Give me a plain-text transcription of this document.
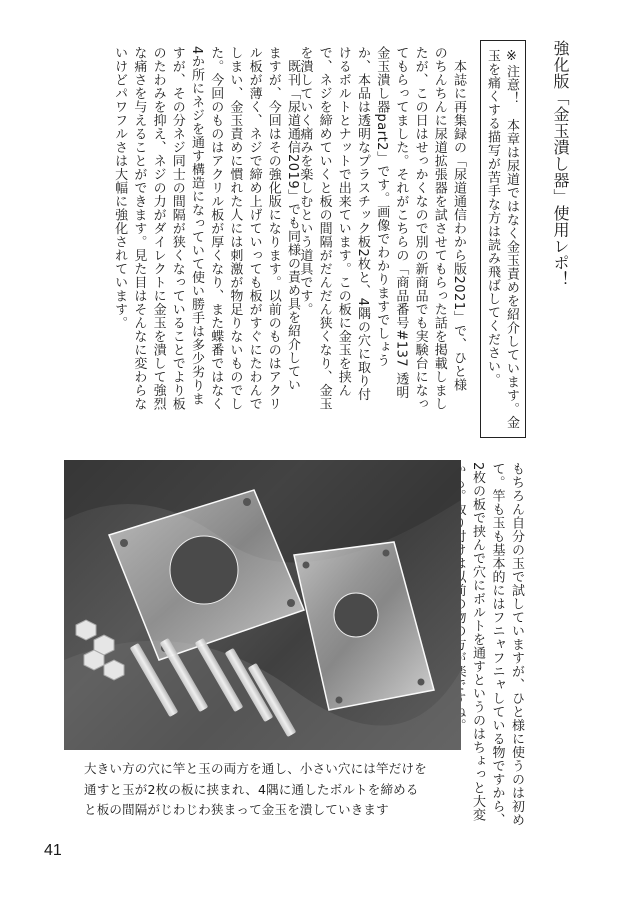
強化版「金玉潰し器」使用レポ！
※注意！　本章は尿道ではなく金玉責めを紹介しています。金
玉を痛くする描写が苦手な方は読み飛ばしてください。
　本誌に再集録の「尿道通信わから版2021」で、ひと様
のちんちんに尿道拡張器を試させてもらった話を掲載しまし
たが、この日はせっかくなので別の新商品でも実験台になっ
てもらってました。それがこちらの「商品番号#137 透明
金玉潰し器part2」です。画像でわかりますでしょう
か、本品は透明なプラスチック板2枚と、4隅の穴に取り付
けるボルトとナットで出来ています。この板に金玉を挟ん
で、ネジを締めていくと板の間隔がだんだん狭くなり、金玉
を潰していく痛みを楽しむという道具です。
　既刊「尿道通信2019」でも同様の責め具を紹介してい
ますが、今回はその強化版になります。以前のものはアクリ
ル板が薄く、ネジで締め上げていっても板がすぐにたわんで
しまい、金玉責めに慣れた人には刺激が物足りないものでし
た。今回のものはアクリル板が厚くなり、また蝶番ではなく
4か所にネジを通す構造になっていて使い勝手は多少劣りま
すが、その分ネジ同士の間隔が狭くなっていることでより板
のたわみを抑え、ネジの力がダイレクトに金玉を潰して強烈
な痛さを与えることができます。見た目はそんなに変わらな
いけどパワフルさは大幅に強化されています。
もちろん自分の玉で試していますが、ひと様に使うのは初め
て。竿も玉も基本的にはフニャフニャしている物ですから、
2枚の板で挟んで穴にボルトを通すというのはちょっと大変
大きい方の穴に竿と玉の両方を通し、小さい穴には竿だけを
通すと玉が2枚の板に挟まれ、4隅に通したボルトを締める
と板の間隔がじわじわ狭まって金玉を潰していきます
41
